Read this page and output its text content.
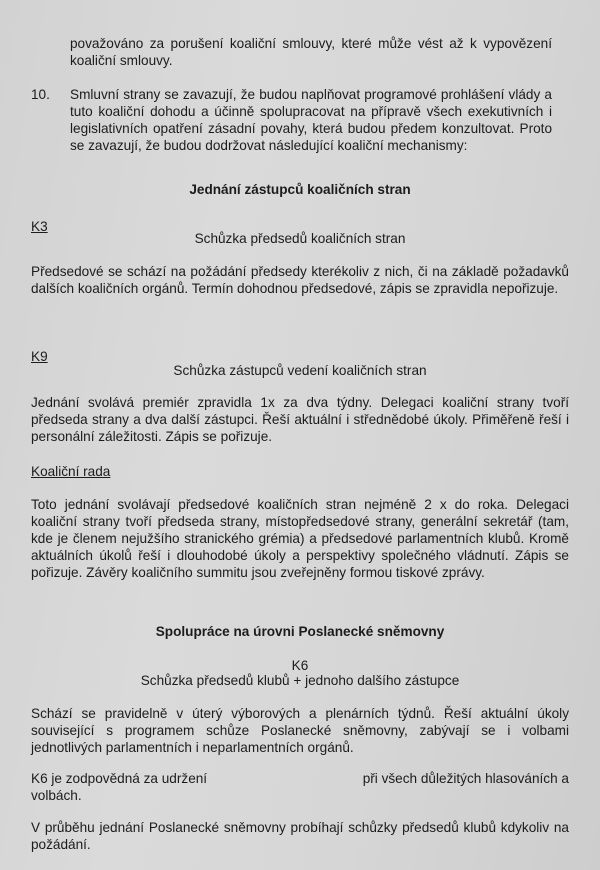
považováno za porušení koaliční smlouvy, které může vést až k vypovězení koaliční smlouvy.
10. Smluvní strany se zavazují, že budou naplňovat programové prohlášení vlády a tuto koaliční dohodu a účinně spolupracovat na přípravě všech exekutivních i legislativních opatření zásadní povahy, která budou předem konzultovat. Proto se zavazují, že budou dodržovat následující koaliční mechanismy:
Jednání zástupců koaličních stran
K3
Schůzka předsedů koaličních stran
Předsedové se schází na požádání předsedy kterékoliv z nich, či na základě požadavků dalších koaličních orgánů. Termín dohodnou předsedové, zápis se zpravidla nepořizuje.
K9
Schůzka zástupců vedení koaličních stran
Jednání svolává premiér zpravidla 1x za dva týdny. Delegaci koaliční strany tvoří předseda strany a dva další zástupci. Řeší aktuální i střednědobé úkoly. Přiměřeně řeší i personální záležitosti. Zápis se pořizuje.
Koaliční rada
Toto jednání svolávají předsedové koaličních stran nejméně 2 x do roka. Delegaci koaliční strany tvoří předseda strany, místopředsedové strany, generální sekretář (tam, kde je členem nejužšího stranického grémia) a předsedové parlamentních klubů. Kromě aktuálních úkolů řeší i dlouhodobé úkoly a perspektivy společného vládnutí. Zápis se pořizuje. Závěry koaličního summitu jsou zveřejněny formou tiskové zprávy.
Spolupráce na úrovni Poslanecké sněmovny
K6
Schůzka předsedů klubů + jednoho dalšího zástupce
Schází se pravidelně v úterý výborových a plenárních týdnů. Řeší aktuální úkoly související s programem schůze Poslanecké sněmovny, zabývají se i volbami jednotlivých parlamentních i neparlamentních orgánů.
K6 je zodpovědná za udržení	při všech důležitých hlasováních a
volbách.
V průběhu jednání Poslanecké sněmovny probíhají schůzky předsedů klubů kdykoliv na požádání.
